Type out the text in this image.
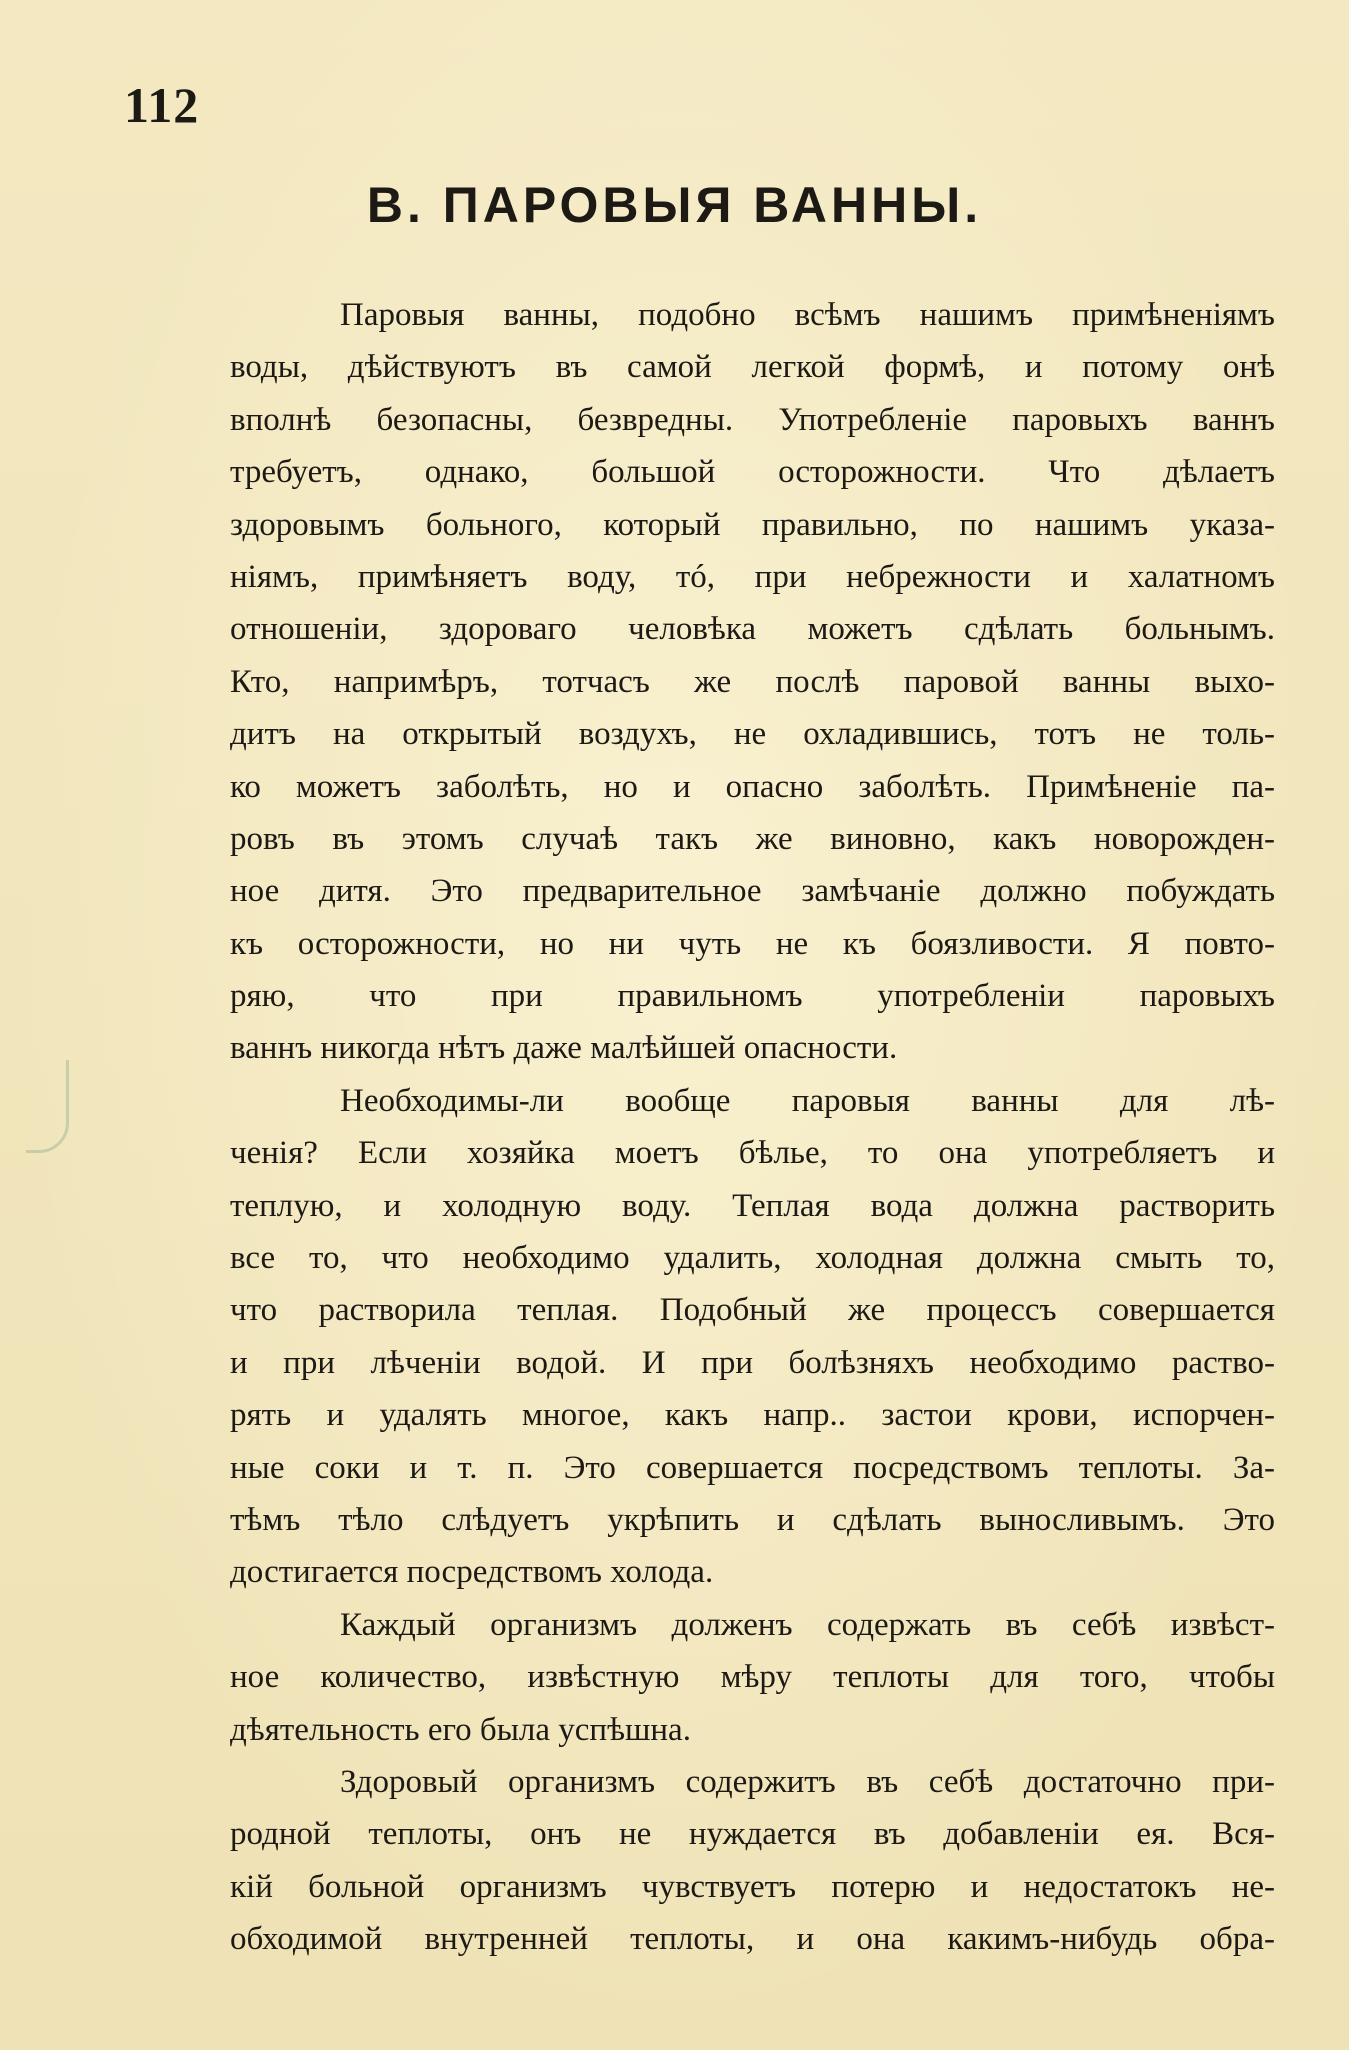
112
В. ПАРОВЫЯ ВАННЫ.
Паровыя ванны, подобно всѣмъ нашимъ примѣненiямъ
воды, дѣйствуютъ въ самой легкой формѣ, и потому онѣ
вполнѣ безопасны, безвредны. Употребленiе паровыхъ ваннъ
требуетъ, однако, большой осторожности. Что дѣлаетъ
здоровымъ больного, который правильно, по нашимъ указа-
нiямъ, примѣняетъ воду, тó, при небрежности и халатномъ
отношенiи, здороваго человѣка можетъ сдѣлать больнымъ.
Кто, напримѣръ, тотчасъ же послѣ паровой ванны выхо-
дитъ на открытый воздухъ, не охладившись, тотъ не толь-
ко можетъ заболѣть, но и опасно заболѣть. Примѣненiе па-
ровъ въ этомъ случаѣ такъ же виновно, какъ новорожден-
ное дитя. Это предварительное замѣчанiе должно побуждать
къ осторожности, но ни чуть не къ боязливости. Я повто-
ряю, что при правильномъ употребленiи паровыхъ
ваннъ никогда нѣтъ даже малѣйшей опасности.
Необходимы-ли вообще паровыя ванны для лѣ-
ченiя? Если хозяйка моетъ бѣлье, то она употребляетъ и
теплую, и холодную воду. Теплая вода должна растворить
все то, что необходимо удалить, холодная должна смыть то,
что растворила теплая. Подобный же процессъ совершается
и при лѣченiи водой. И при болѣзняхъ необходимо раство-
рять и удалять многое, какъ напр.. застои крови, испорчен-
ные соки и т. п. Это совершается посредствомъ теплоты. За-
тѣмъ тѣло слѣдуетъ укрѣпить и сдѣлать выносливымъ. Это
достигается посредствомъ холода.
Каждый организмъ долженъ содержать въ себѣ извѣст-
ное количество, извѣстную мѣру теплоты для того, чтобы
дѣятельность его была успѣшна.
Здоровый организмъ содержитъ въ себѣ достаточно при-
родной теплоты, онъ не нуждается въ добавленiи ея. Вся-
кiй больной организмъ чувствуетъ потерю и недостатокъ не-
обходимой внутренней теплоты, и она какимъ-нибудь обра-
